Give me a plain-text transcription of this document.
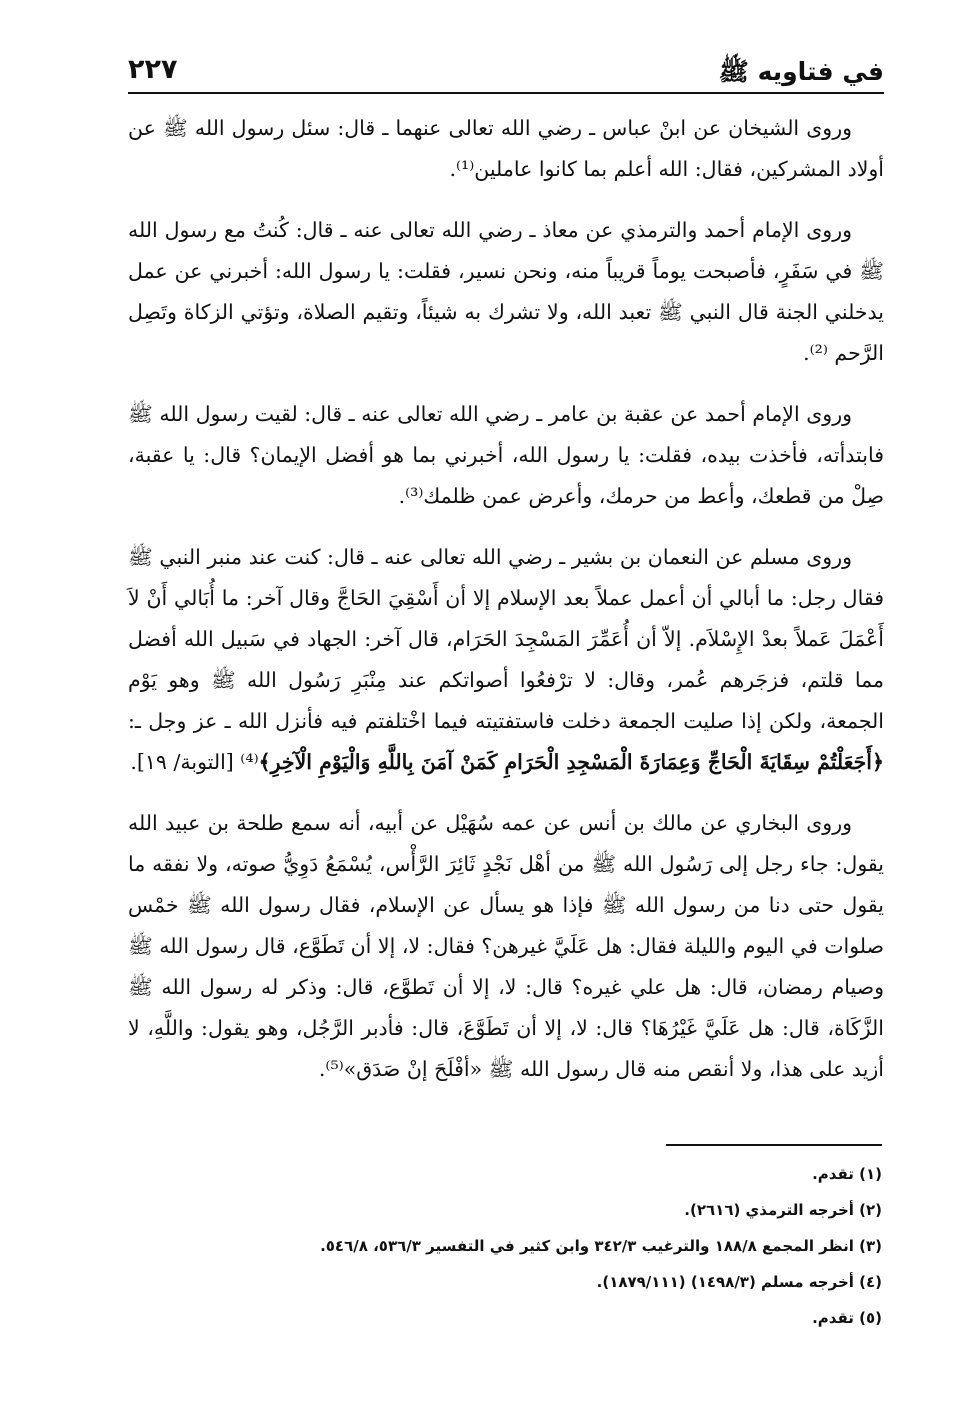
في فتاويه ﷺ
٢٢٧

وروى الشيخان عن ابنْ عباس ـ رضي الله تعالى عنهما ـ قال: سئل رسول الله ﷺ عن أولاد المشركين، فقال: الله أعلم بما كانوا عاملين⁽¹⁾.

وروى الإمام أحمد والترمذي عن معاذ ـ رضي الله تعالى عنه ـ قال: كُنتُ مع رسول الله ﷺ في سَفَرٍ، فأصبحت يوماً قريباً منه، ونحن نسير، فقلت: يا رسول الله: أخبرني عن عمل يدخلني الجنة قال النبي ﷺ تعبد الله، ولا تشرك به شيئاً، وتقيم الصلاة، وتؤتي الزكاة وتَصِل الرَّحم ⁽²⁾.

وروى الإمام أحمد عن عقبة بن عامر ـ رضي الله تعالى عنه ـ قال: لقيت رسول الله ﷺ فابتدأته، فأخذت بيده، فقلت: يا رسول الله، أخبرني بما هو أفضل الإيمان؟ قال: يا عقبة، صِلْ من قطعك، وأعط من حرمك، وأعرض عمن ظلمك⁽³⁾.

وروى مسلم عن النعمان بن بشير ـ رضي الله تعالى عنه ـ قال: كنت عند منبر النبي ﷺ فقال رجل: ما أبالي أن أعمل عملاً بعد الإسلام إلا أن أَسْقِيَ الحَاجَّ وقال آخر: ما أُبَالي أَنْ لاَ أَعْمَلَ عَملاً بعدْ الإِسْلاَم. إلاّ أن أُعَمِّرَ المَسْجِدَ الحَرَام، قال آخر: الجهاد في سَبيل الله أفضل مما قلتم، فزجَرهم عُمر، وقال: لا ترْفعُوا أصواتكم عند مِنْبَرِ رَسُول الله ﷺ وهو يَوْم الجمعة، ولكن إذا صليت الجمعة دخلت فاستفتيته فيما اخْتلفتم فيه فأنزل الله ـ عز وجل ـ: ﴿أَجَعَلْتُمْ سِقَايَةَ الْحَاجِّ وَعِمَارَةَ الْمَسْجِدِ الْحَرَامِ كَمَنْ آمَنَ بِاللَّهِ وَالْيَوْمِ الْآخِرِ﴾⁽⁴⁾ [التوبة/ ١٩].

وروى البخاري عن مالك بن أنس عن عمه سُهَيْل عن أبيه، أنه سمع طلحة بن عبيد الله يقول: جاء رجل إلى رَسُول الله ﷺ من أهْل نَجْدٍ ثَائِرَ الرَّأْس، يُسْمَعُ دَوِيُّ صوته، ولا نفقه ما يقول حتى دنا من رسول الله ﷺ فإذا هو يسأل عن الإسلام، فقال رسول الله ﷺ خمْس صلوات في اليوم والليلة فقال: هل عَلَيَّ غيرهن؟ فقال: لا، إلا أن تَطَوَّع، قال رسول الله ﷺ وصيام رمضان، قال: هل علي غيره؟ قال: لا، إلا أن تَطوَّع، قال: وذكر له رسول الله ﷺ الزَّكَاة، قال: هل عَلَيَّ غَيْرُهَا؟ قال: لا، إلا أن تَطَوَّعَ، قال: فأدبر الرَّجُل، وهو يقول: واللَّهِ، لا أزيد على هذا، ولا أنقص منه قال رسول الله ﷺ «أفْلَحَ إنْ صَدَق»⁽⁵⁾.

(١) تقدم.

(٢) أخرجه الترمذي (٢٦١٦).

(٣) انظر المجمع ١٨٨/٨ والترغيب ٣٤٢/٣ وابن كثير في التفسير ٥٣٦/٣، ٥٤٦/٨.

(٤) أخرجه مسلم (١٤٩٨/٣) (١٨٧٩/١١١).

(٥) تقدم.
